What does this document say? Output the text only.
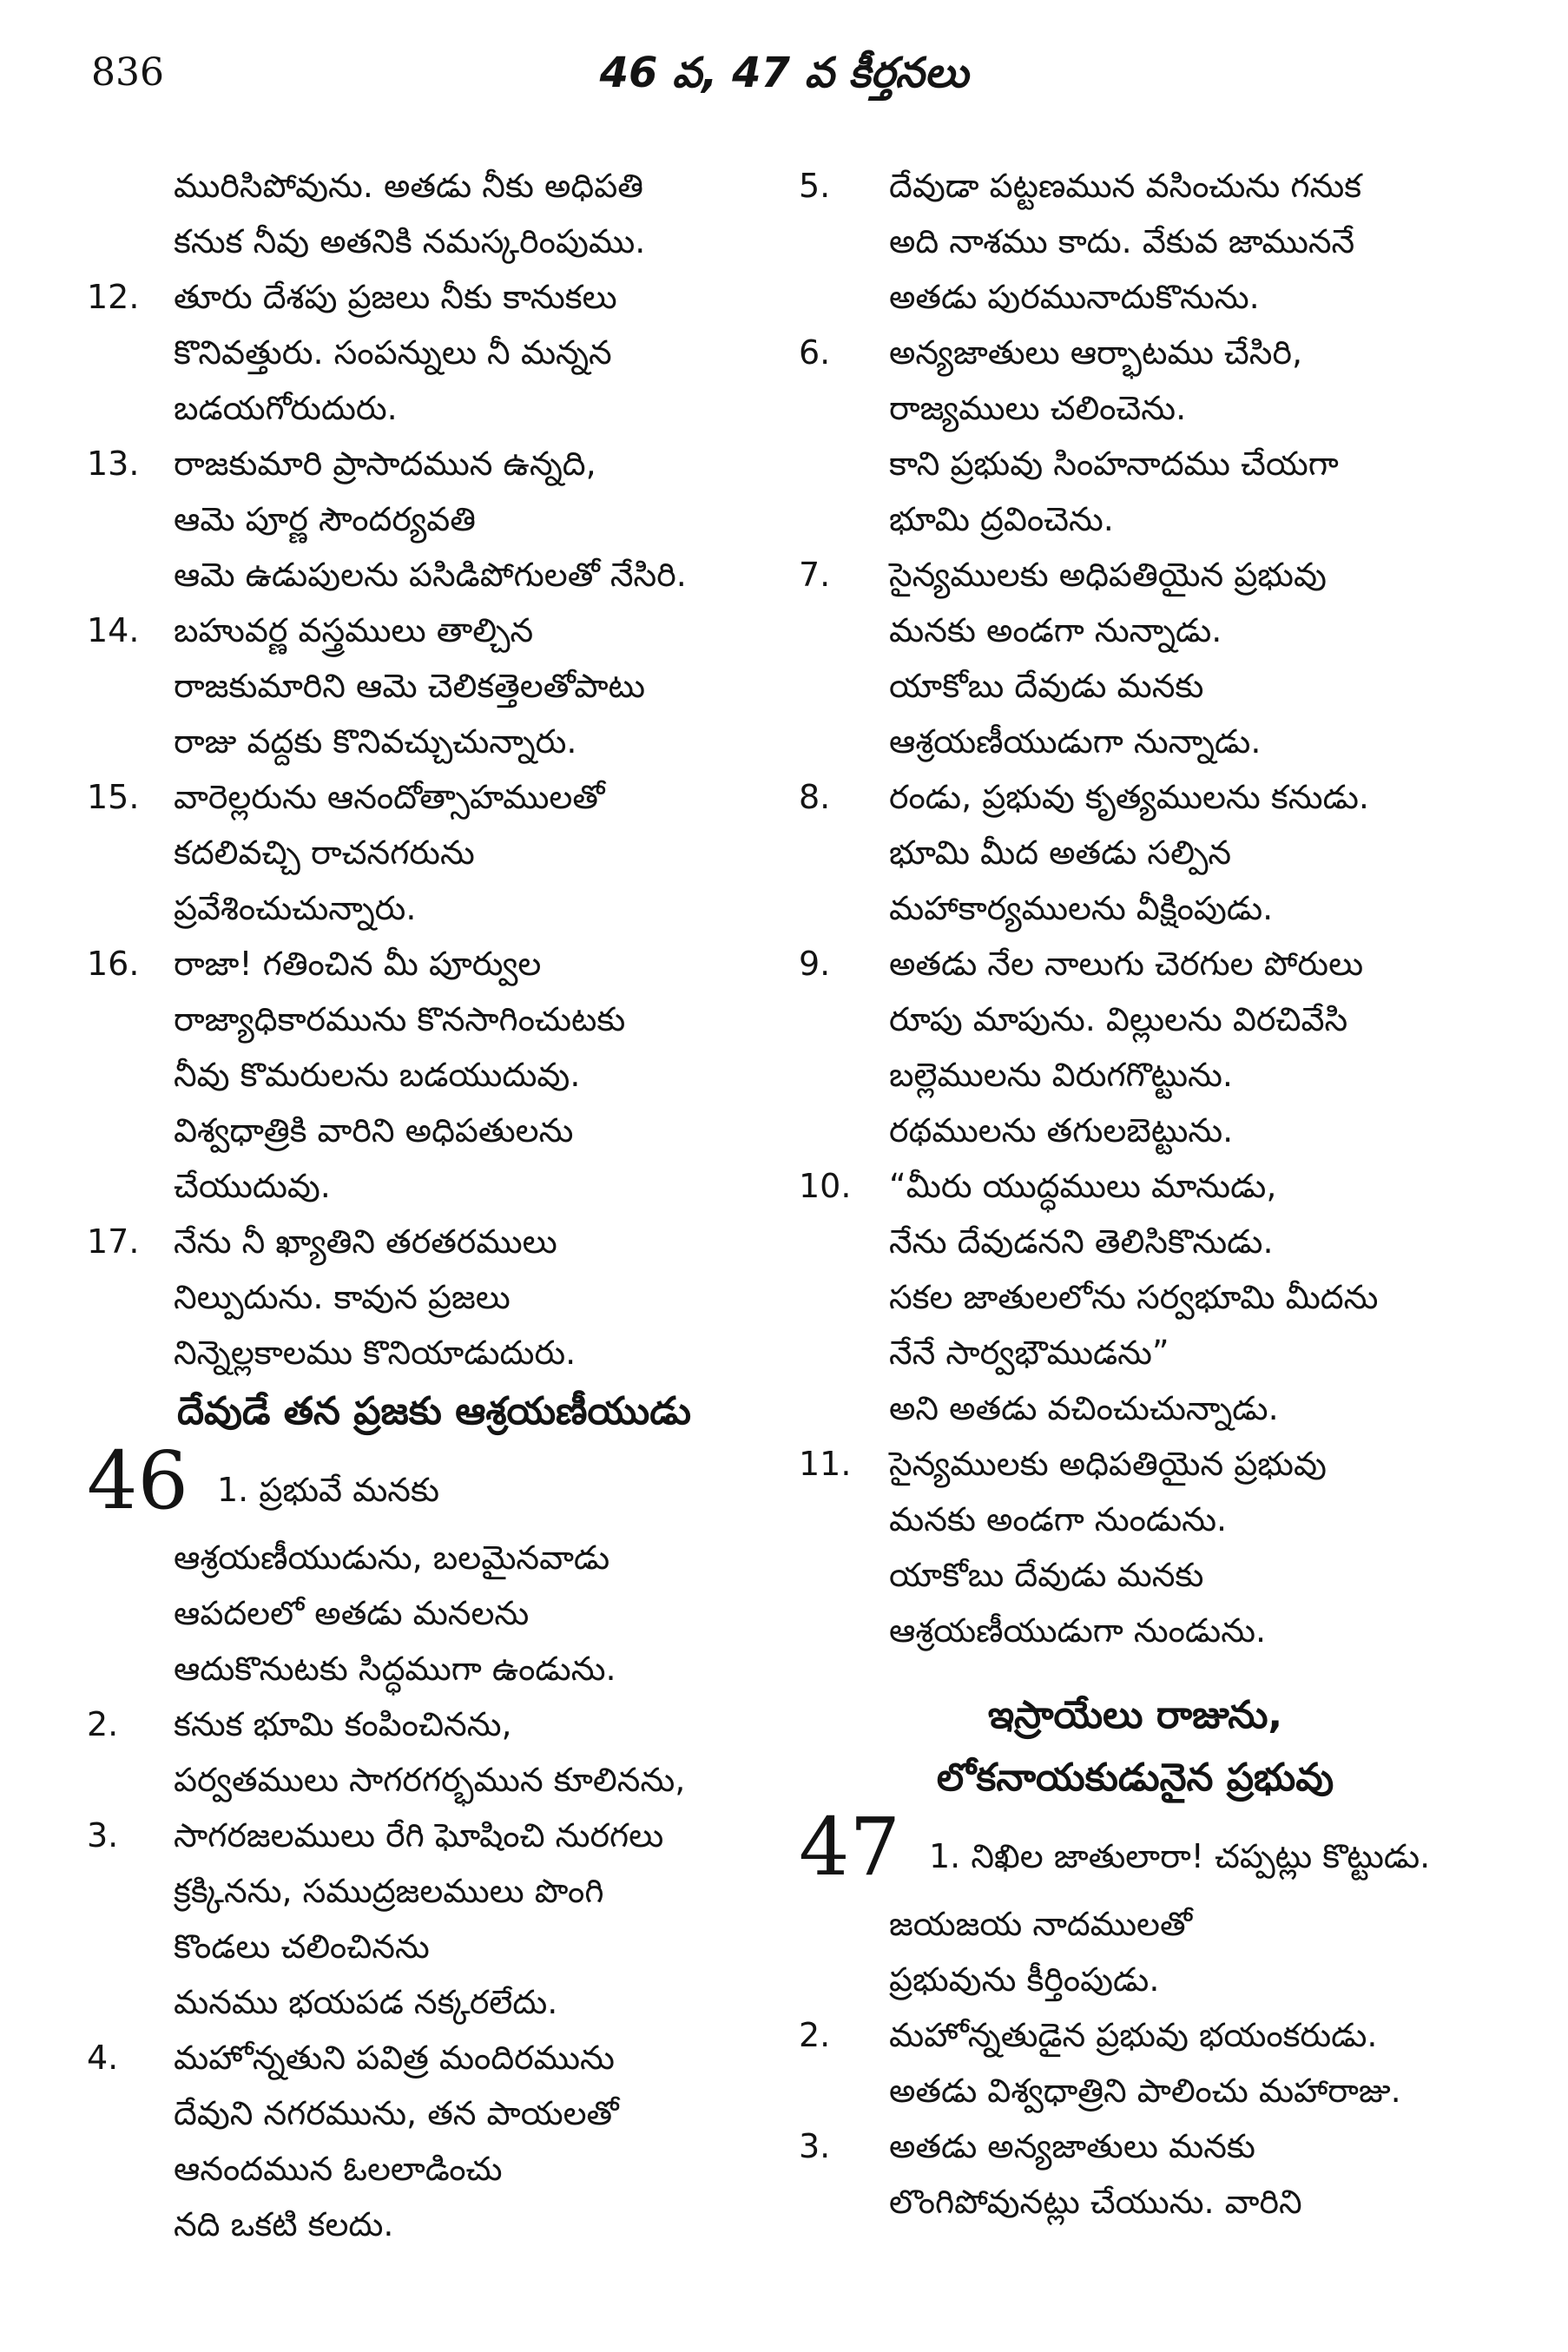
836	46 వ, 47 వ కీర్తనలు
మురిసిపోవును. అతడు నీకు అధిపతి
కనుక నీవు అతనికి నమస్కరింపుము.
12. తూరు దేశపు ప్రజలు నీకు కానుకలు
కొనివత్తురు. సంపన్నులు నీ మన్నన
బడయగోరుదురు.
13. రాజకుమారి ప్రాసాదమున ఉన్నది,
ఆమె పూర్ణ సౌందర్యవతి
ఆమె ఉడుపులను పసిడిపోగులతో నేసిరి.
14. బహువర్ణ వస్త్రములు తాల్చిన
రాజకుమారిని ఆమె చెలికత్తెలతోపాటు
రాజు వద్దకు కొనివచ్చుచున్నారు.
15. వారెల్లరును ఆనందోత్సాహములతో
కదలివచ్చి రాచనగరును
ప్రవేశించుచున్నారు.
16. రాజా! గతించిన మీ పూర్వుల
రాజ్యాధికారమును కొనసాగించుటకు
నీవు కొమరులను బడయుదువు.
విశ్వధాత్రికి వారిని అధిపతులను
చేయుదువు.
17. నేను నీ ఖ్యాతిని తరతరములు
నిల్పుదును. కావున ప్రజలు
నిన్నెల్లకాలము కొనియాడుదురు.
దేవుడే తన ప్రజకు ఆశ్రయణీయుడు
46 1. ప్రభువే మనకు
ఆశ్రయణీయుడును, బలమైనవాడు
ఆపదలలో అతడు మనలను
ఆదుకొనుటకు సిద్ధముగా ఉండును.
2. కనుక భూమి కంపించినను,
పర్వతములు సాగరగర్భమున కూలినను,
3. సాగరజలములు రేగి ఘోషించి నురగలు
క్రక్కినను, సముద్రజలములు పొంగి
కొండలు చలించినను
మనము భయపడ నక్కరలేదు.
4. మహోన్నతుని పవిత్ర మందిరమును
దేవుని నగరమును, తన పాయలతో
ఆనందమున ఓలలాడించు
నది ఒకటి కలదు.
5. దేవుడా పట్టణమున వసించును గనుక
అది నాశము కాదు. వేకువ జాముననే
అతడు పురమునాదుకొనును.
6. అన్యజాతులు ఆర్భాటము చేసిరి,
రాజ్యములు చలించెను.
కాని ప్రభువు సింహనాదము చేయగా
భూమి ద్రవించెను.
7. సైన్యములకు అధిపతియైన ప్రభువు
మనకు అండగా నున్నాడు.
యాకోబు దేవుడు మనకు
ఆశ్రయణీయుడుగా నున్నాడు.
8. రండు, ప్రభువు కృత్యములను కనుడు.
భూమి మీద అతడు సల్పిన
మహాకార్యములను వీక్షింపుడు.
9. అతడు నేల నాలుగు చెరగుల పోరులు
రూపు మాపును. విల్లులను విరచివేసి
బల్లెములను విరుగగొట్టును.
రథములను తగులబెట్టును.
10. “మీరు యుద్ధములు మానుడు,
నేను దేవుడనని తెలిసికొనుడు.
సకల జాతులలోను సర్వభూమి మీదను
నేనే సార్వభౌముడను”
అని అతడు వచించుచున్నాడు.
11. సైన్యములకు అధిపతియైన ప్రభువు
మనకు అండగా నుండును.
యాకోబు దేవుడు మనకు
ఆశ్రయణీయుడుగా నుండును.
ఇస్రాయేలు రాజును,
లోకనాయకుడునైన ప్రభువు
47 1. నిఖిల జాతులారా! చప్పట్లు కొట్టుడు.
జయజయ నాదములతో
ప్రభువును కీర్తింపుడు.
2. మహోన్నతుడైన ప్రభువు భయంకరుడు.
అతడు విశ్వధాత్రిని పాలించు మహారాజు.
3. అతడు అన్యజాతులు మనకు
లొంగిపోవునట్లు చేయును. వారిని
